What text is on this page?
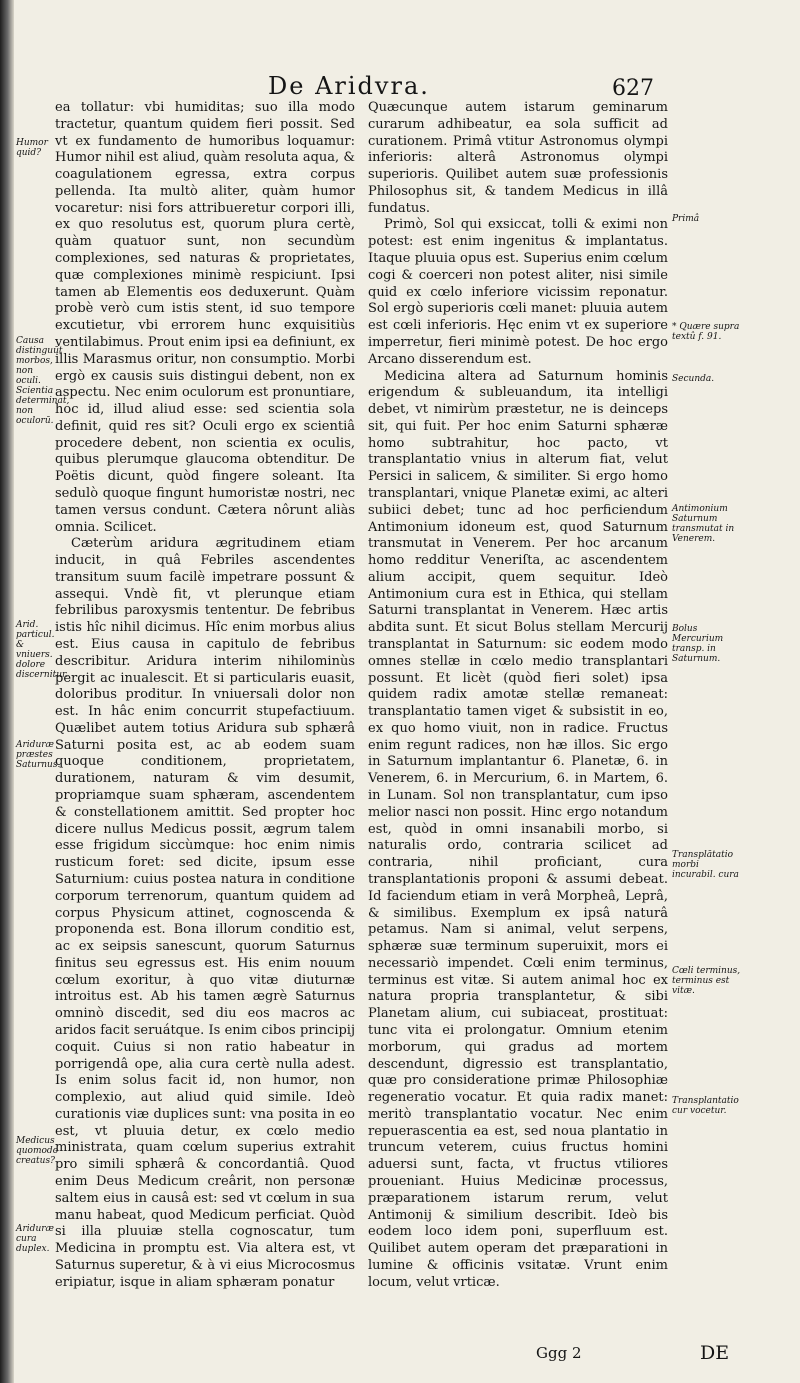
De Aridvra.	627
Humor quid?
Causa distinguūt morbos, non oculi. Scientia determinat, non oculorū.
Arid. particul. & vniuers. dolore discernitur.
Ariduræ præstes Saturnus.
Medicus quomodo creatus?
Ariduræ cura duplex.

ea tollatur: vbi humiditas; suo illa modo tractetur, quantum quidem fieri possit. Sed vt ex fundamento de humoribus loquamur: Humor nihil est aliud, quàm resoluta aqua, & coagulationem egressa, extra corpus pellenda. Ita multò aliter, quàm humor vocaretur: nisi fors attribueretur corpori illi, ex quo resolutus est, quorum plura certè, quàm quatuor sunt, non secundùm complexiones, sed naturas & proprietates, quæ complexiones minimè respiciunt. Ipsi tamen ab Elementis eos deduxerunt. Quàm probè verò cum istis stent, id suo tempore excutietur, vbi errorem hunc exquisitiùs ventilabimus. Prout enim ipsi ea definiunt, ex illis Marasmus oritur, non consumptio. Morbi ergò ex causis suis distingui debent, non ex aspectu. Nec enim oculorum est pronuntiare, hoc id, illud aliud esse: sed scientia sola definit, quid res sit? Oculi ergo ex scientiâ procedere debent, non scientia ex oculis, quibus plerumque glaucoma obtenditur. De Poëtis dicunt, quòd fingere soleant. Ita sedulò quoque fingunt humoristæ nostri, nec tamen versus condunt. Cætera nôrunt aliàs omnia. Scilicet.

Cæterùm aridura ægritudinem etiam inducit, in quâ Febriles ascendentes transitum suum facilè impetrare possunt & assequi. Vndè fit, vt plerunque etiam febrilibus paroxysmis tententur. De febribus istis hîc nihil dicimus. Hîc enim morbus alius est. Eius causa in capitulo de febribus describitur. Aridura interim nihilominùs pergit ac inualescit. Et si particularis euasit, doloribus proditur. In vniuersali dolor non est. In hâc enim concurrit stupefactiuum. Quælibet autem totius Aridura sub sphærâ Saturni posita est, ac ab eodem suam quoque conditionem, proprietatem, durationem, naturam & vim desumit, propriamque suam sphæram, ascendentem & constellationem amittit. Sed propter hoc dicere nullus Medicus possit, ægrum talem esse frigidum siccùmque: hoc enim nimis rusticum foret: sed dicite, ipsum esse Saturnium: cuius postea natura in conditione corporum terrenorum, quantum quidem ad corpus Physicum attinet, cognoscenda & proponenda est. Bona illorum conditio est, ac ex seipsis sanescunt, quorum Saturnus finitus seu egressus est. His enim nouum cœlum exoritur, à quo vitæ diuturnæ introitus est. Ab his tamen ægrè Saturnus omninò discedit, sed diu eos macros ac aridos facit seruátque. Is enim cibos principij coquit. Cuius si non ratio habeatur in porrigendâ ope, alia cura certè nulla adest. Is enim solus facit id, non humor, non complexio, aut aliud quid simile. Ideò curationis viæ duplices sunt: vna posita in eo est, vt pluuia detur, ex cœlo medio ministrata, quam cœlum superius extrahit pro simili sphærâ & concordantiâ. Quod enim Deus Medicum creârit, non personæ saltem eius in causâ est: sed vt cœlum in sua manu habeat, quod Medicum perficiat. Quòd si illa pluuiæ stella cognoscatur, tum Medicina in promptu est. Via altera est, vt Saturnus superetur, & à vi eius Microcosmus eripiatur, isque in aliam sphæram ponatur

Quæcunque autem istarum geminarum curarum adhibeatur, ea sola sufficit ad curationem. Primâ vtitur Astronomus olympi inferioris: alterâ Astronomus olympi superioris. Quilibet autem suæ professionis Philosophus sit, & tandem Medicus in illâ fundatus.

Primò, Sol qui exsiccat, tolli & eximi non potest: est enim ingenitus & implantatus. Itaque pluuia opus est. Superius enim cœlum cogi & coerceri non potest aliter, nisi simile quid ex cœlo inferiore vicissim reponatur. Sol ergò superioris cœli manet: pluuia autem est cœli inferioris. Hęc enim vt ex superiore imperretur, fieri minimè potest. De hoc ergo Arcano disserendum est.

Medicina altera ad Saturnum hominis erigendum & subleuandum, ita intelligi debet, vt nimirùm præstetur, ne is deinceps sit, qui fuit. Per hoc enim Saturni sphæræ homo subtrahitur, hoc pacto, vt transplantatio vnius in alterum fiat, velut Persici in salicem, & similiter. Si ergo homo transplantari, vnique Planetæ eximi, ac alteri subiici debet; tunc ad hoc perficiendum Antimonium idoneum est, quod Saturnum transmutat in Venerem. Per hoc arcanum homo redditur Veneriſta, ac ascendentem alium accipit, quem sequitur. Ideò Antimonium cura est in Ethica, qui stellam Saturni transplantat in Venerem. Hæc artis abdita sunt. Et sicut Bolus stellam Mercurij transplantat in Saturnum: sic eodem modo omnes stellæ in cœlo medio transplantari possunt. Et licèt (quòd fieri solet) ipsa quidem radix amotæ stellæ remaneat: transplantatio tamen viget & subsistit in eo, ex quo homo viuit, non in radice. Fructus enim regunt radices, non hæ illos. Sic ergo in Saturnum implantantur 6. Planetæ, 6. in Venerem, 6. in Mercurium, 6. in Martem, 6. in Lunam. Sol non transplantatur, cum ipso melior nasci non possit. Hinc ergo notandum est, quòd in omni insanabili morbo, si naturalis ordo, contraria scilicet ad contraria, nihil proficiant, cura transplantationis proponi & assumi debeat. Id faciendum etiam in verâ Morpheâ, Leprâ, & similibus. Exemplum ex ipsâ naturâ petamus. Nam si animal, velut serpens, sphæræ suæ terminum superuixit, mors ei necessariò impendet. Cœli enim terminus, terminus est vitæ. Si autem animal hoc ex natura propria transplantetur, & sibi Planetam alium, cui subiaceat, prostituat: tunc vita ei prolongatur. Omnium etenim morborum, qui gradus ad mortem descendunt, digressio est transplantatio, quæ pro consideratione primæ Philosophiæ regeneratio vocatur. Et quia radix manet: meritò transplantatio vocatur. Nec enim repuerascentia ea est, sed noua plantatio in truncum veterem, cuius fructus homini aduersi sunt, facta, vt fructus vtiliores proueniant. Huius Medicinæ processus, præparationem istarum rerum, velut Antimonij & similium describit. Ideò bis eodem loco idem poni, superfluum est. Quilibet autem operam det præparationi in lumine & officinis vsitatæ. Vrunt enim locum, velut vrticæ.

Primâ
* Quære supra textû f. 91.
Secunda.
Antimonium Saturnum transmutat in Venerem.
Bolus Mercurium transp. in Saturnum.
Transplātatio morbi incurabil. cura
Cœli terminus, terminus est vitæ.
Transplantatio cur vocetur.
Ggg 2	DE
